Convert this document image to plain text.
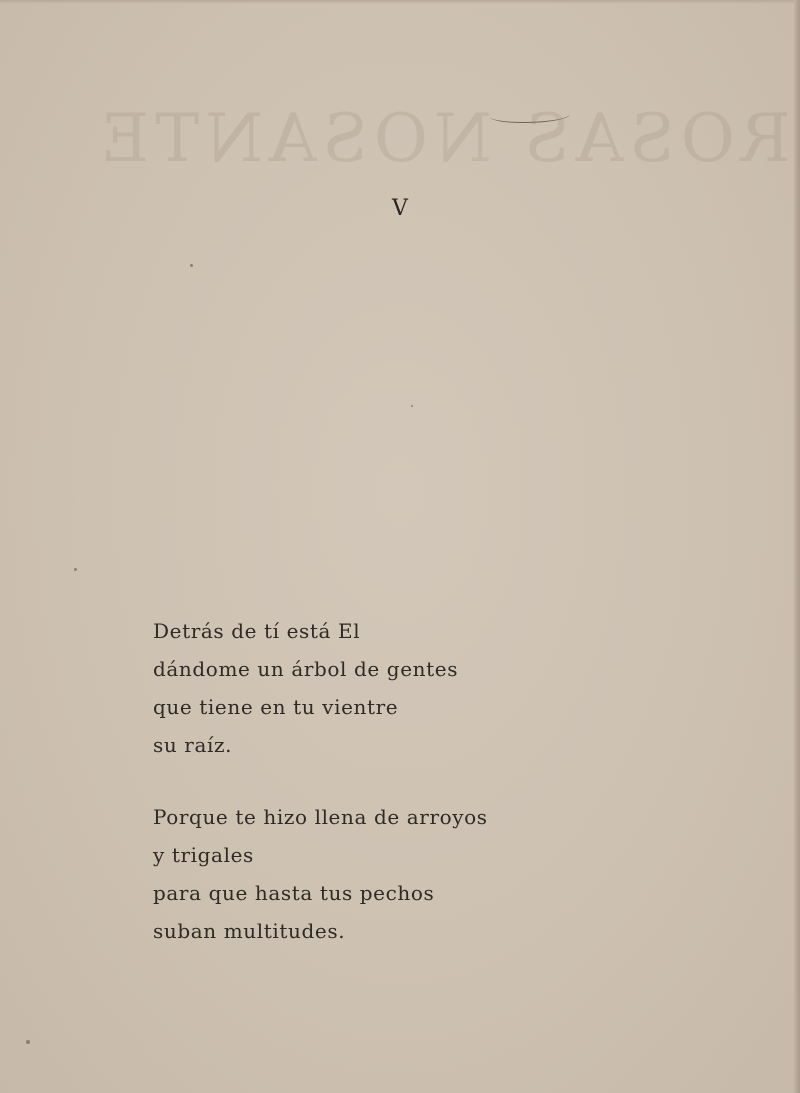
ROSAS NOSANTE
V
Detrás de tí está El
dándome un árbol de gentes
que tiene en tu vientre
su raíz.
Porque te hizo llena de arroyos
y trigales
para que hasta tus pechos
suban multitudes.
